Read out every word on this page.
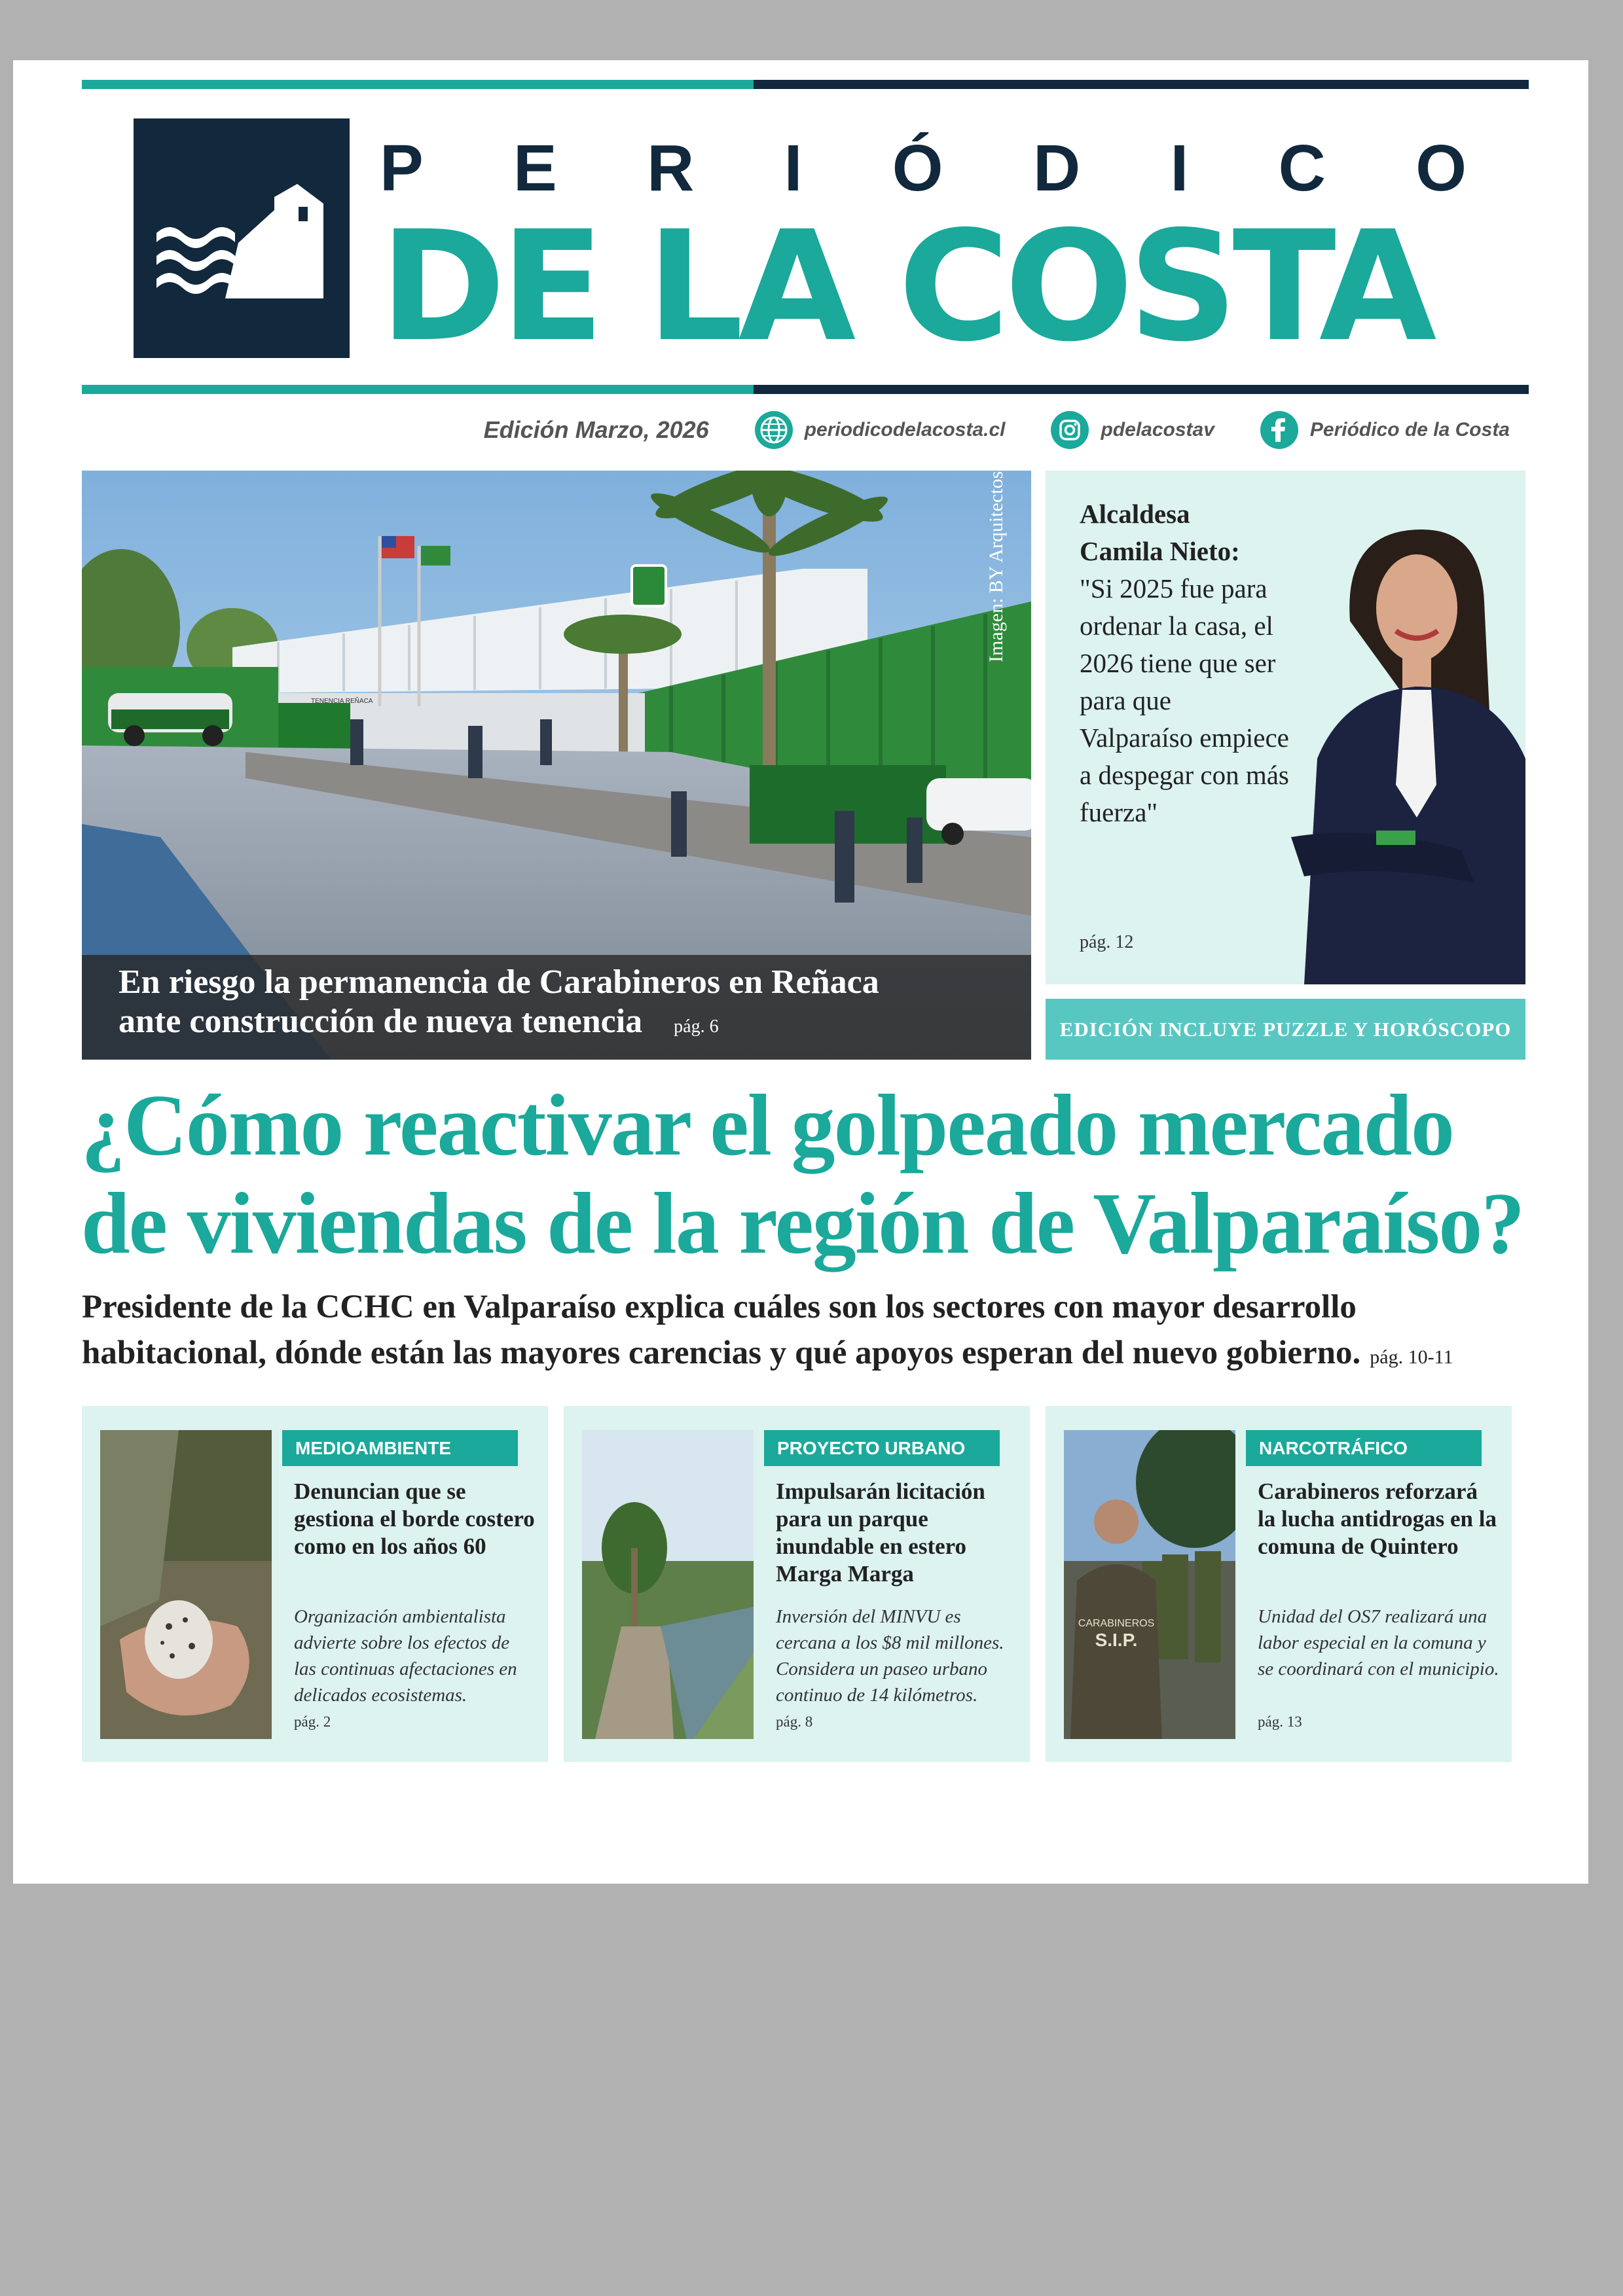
P E R I Ó D I C O
DE LA COSTA
Edición Marzo, 2026	periodicodelacosta.cl	pdelacostav	Periódico de la Costa
TENENCIA REÑACA
En riesgo la permanencia de Carabineros en Reñaca
ante construcción de nueva tenencia pág. 6
Imagen: BY Arquitectos	Alcaldesa
Camila Nieto:
"Si 2025 fue para ordenar la casa, el 2026 tiene que ser para que Valparaíso empiece a despegar con más fuerza"
pág. 12
EDICIÓN INCLUYE PUZZLE Y HORÓSCOPO
¿Cómo reactivar el golpeado mercado
de viviendas de la región de Valparaíso?
Presidente de la CCHC en Valparaíso explica cuáles son los sectores con mayor desarrollo
habitacional, dónde están las mayores carencias y qué apoyos esperan del nuevo gobierno. pág. 10-11
MEDIOAMBIENTE
Denuncian que se gestiona el borde costero como en los años 60
Organización ambientalista advierte sobre los efectos de las continuas afectaciones en delicados ecosistemas.
pág. 2
PROYECTO URBANO
Impulsarán licitación para un parque inundable en estero Marga Marga
Inversión del MINVU es cercana a los $8 mil millones. Considera un paseo urbano continuo de 14 kilómetros.
pág. 8
CARABINEROS
S.I.P.
NARCOTRÁFICO
Carabineros reforzará la lucha antidrogas en la comuna de Quintero
Unidad del OS7 realizará una labor especial en la comuna y se coordinará con el municipio.
pág. 13
